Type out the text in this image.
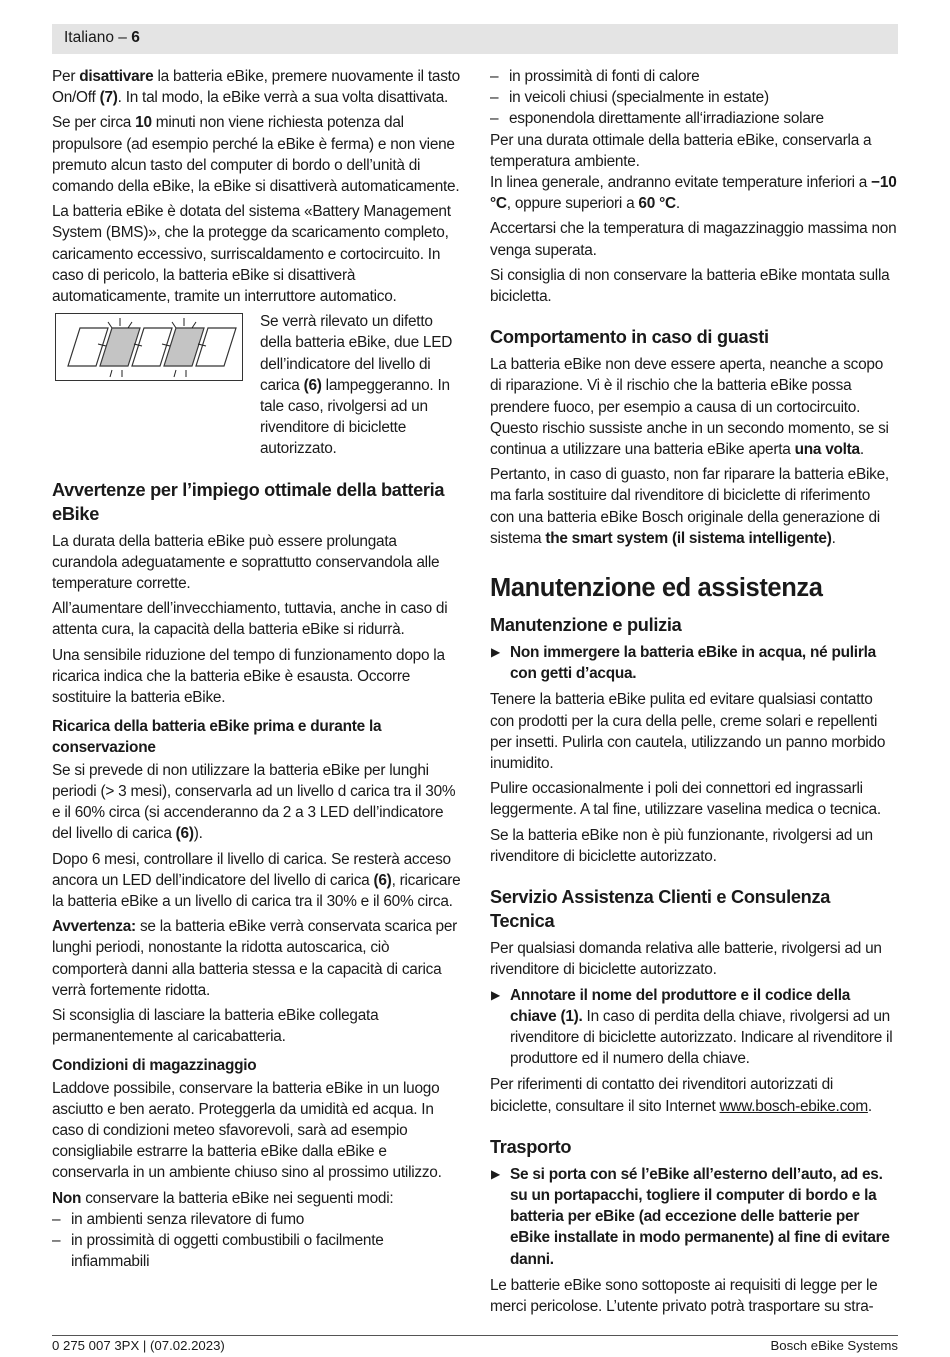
Italiano – 6

Per disattivare la batteria eBike, premere nuovamente il tasto On/Off (7). In tal modo, la eBike verrà a sua volta disattivata.

Se per circa 10 minuti non viene richiesta potenza dal propulsore (ad esempio perché la eBike è ferma) e non viene premuto alcun tasto del computer di bordo o dell’unità di comando della eBike, la eBike si disattiverà automaticamente.

La batteria eBike è dotata del sistema «Battery Management System (BMS)», che la protegge da scaricamento completo, caricamento eccessivo, surriscaldamento e cortocircuito. In caso di pericolo, la batteria eBike si disattiverà automaticamente, tramite un interruttore automatico.

Se verrà rilevato un difetto della batteria eBike, due LED dell’indicatore del livello di carica (6) lampeggeranno. In tale caso, rivolgersi ad un rivenditore di biciclette autorizzato.
Avvertenze per l’impiego ottimale della batteria eBike

La durata della batteria eBike può essere prolungata curandola adeguatamente e soprattutto conservandola alle temperature corrette.

All’aumentare dell’invecchiamento, tuttavia, anche in caso di attenta cura, la capacità della batteria eBike si ridurrà.

Una sensibile riduzione del tempo di funzionamento dopo la ricarica indica che la batteria eBike è esausta. Occorre sostituire la batteria eBike.

Ricarica della batteria eBike prima e durante la conservazione

Se si prevede di non utilizzare la batteria eBike per lunghi periodi (> 3 mesi), conservarla ad un livello d carica tra il 30% e il 60% circa (si accenderanno da 2 a 3 LED dell’indicatore del livello di carica (6)).

Dopo 6 mesi, controllare il livello di carica. Se resterà acceso ancora un LED dell’indicatore del livello di carica (6), ricaricare la batteria eBike a un livello di carica tra il 30% e il 60% circa.

Avvertenza: se la batteria eBike verrà conservata scarica per lunghi periodi, nonostante la ridotta autoscarica, ciò comporterà danni alla batteria stessa e la capacità di carica verrà fortemente ridotta.

Si sconsiglia di lasciare la batteria eBike collegata permanentemente al caricabatteria.

Condizioni di magazzinaggio

Laddove possibile, conservare la batteria eBike in un luogo asciutto e ben aerato. Proteggerla da umidità ed acqua. In caso di condizioni meteo sfavorevoli, sarà ad esempio consigliabile estrarre la batteria eBike dalla eBike e conservarla in un ambiente chiuso sino al prossimo utilizzo.

Non conservare la batteria eBike nei seguenti modi:

– in ambienti senza rilevatore di fumo
– in prossimità di oggetti combustibili o facilmente infiammabili
– in prossimità di fonti di calore
– in veicoli chiusi (specialmente in estate)
– esponendola direttamente all‘irradiazione solare

Per una durata ottimale della batteria eBike, conservarla a temperatura ambiente.

In linea generale, andranno evitate temperature inferiori a −10 °C, oppure superiori a 60 °C.

Accertarsi che la temperatura di magazzinaggio massima non venga superata.

Si consiglia di non conservare la batteria eBike montata sulla bicicletta.

Comportamento in caso di guasti

La batteria eBike non deve essere aperta, neanche a scopo di riparazione. Vi è il rischio che la batteria eBike possa prendere fuoco, per esempio a causa di un cortocircuito. Questo rischio sussiste anche in un secondo momento, se si continua a utilizzare una batteria eBike aperta una volta.

Pertanto, in caso di guasto, non far riparare la batteria eBike, ma farla sostituire dal rivenditore di biciclette di riferimento con una batteria eBike Bosch originale della generazione di sistema the smart system (il sistema intelligente).

Manutenzione ed assistenza
Manutenzione e pulizia
▶ Non immergere la batteria eBike in acqua, né pulirla con getti d’acqua.

Tenere la batteria eBike pulita ed evitare qualsiasi contatto con prodotti per la cura della pelle, creme solari e repellenti per insetti. Pulirla con cautela, utilizzando un panno morbido inumidito.

Pulire occasionalmente i poli dei connettori ed ingrassarli leggermente. A tal fine, utilizzare vaselina medica o tecnica.

Se la batteria eBike non è più funzionante, rivolgersi ad un rivenditore di biciclette autorizzato.

Servizio Assistenza Clienti e Consulenza Tecnica

Per qualsiasi domanda relativa alle batterie, rivolgersi ad un rivenditore di biciclette autorizzato.

▶ Annotare il nome del produttore e il codice della chiave (1). In caso di perdita della chiave, rivolgersi ad un rivenditore di biciclette autorizzato. Indicare al rivenditore il produttore ed il numero della chiave.

Per riferimenti di contatto dei rivenditori autorizzati di biciclette, consultare il sito Internet www.bosch-ebike.com.

Trasporto
▶ Se si porta con sé l’eBike all’esterno dell’auto, ad es. su un portapacchi, togliere il computer di bordo e la batteria per eBike (ad eccezione delle batterie per eBike installate in modo permanente) al fine di evitare danni.

Le batterie eBike sono sottoposte ai requisiti di legge per le merci pericolose. L’utente privato potrà trasportare su stra-

0 275 007 3PX | (07.02.2023)	Bosch eBike Systems
